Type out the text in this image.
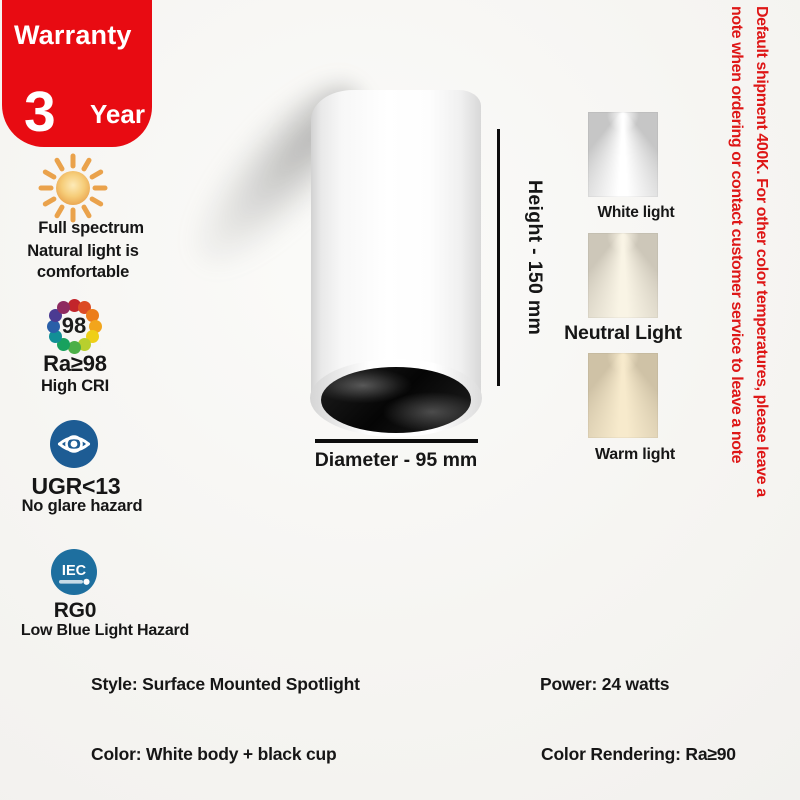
Warranty
3 Year
Full spectrum
Natural light is comfortable
98
Ra≥98
High CRI
UGR<13
No glare hazard
IEC
RG0
Low Blue Light Hazard
Height - 150 mm
Diameter - 95 mm
White light
Neutral Light
Warm light	Default shipment 400K. For other color temperatures, please leave a
note when ordering or contact customer service to leave a note
Style: Surface Mounted Spotlight	Power: 24 watts
Color: White body + black cup	Color Rendering: Ra≥90
